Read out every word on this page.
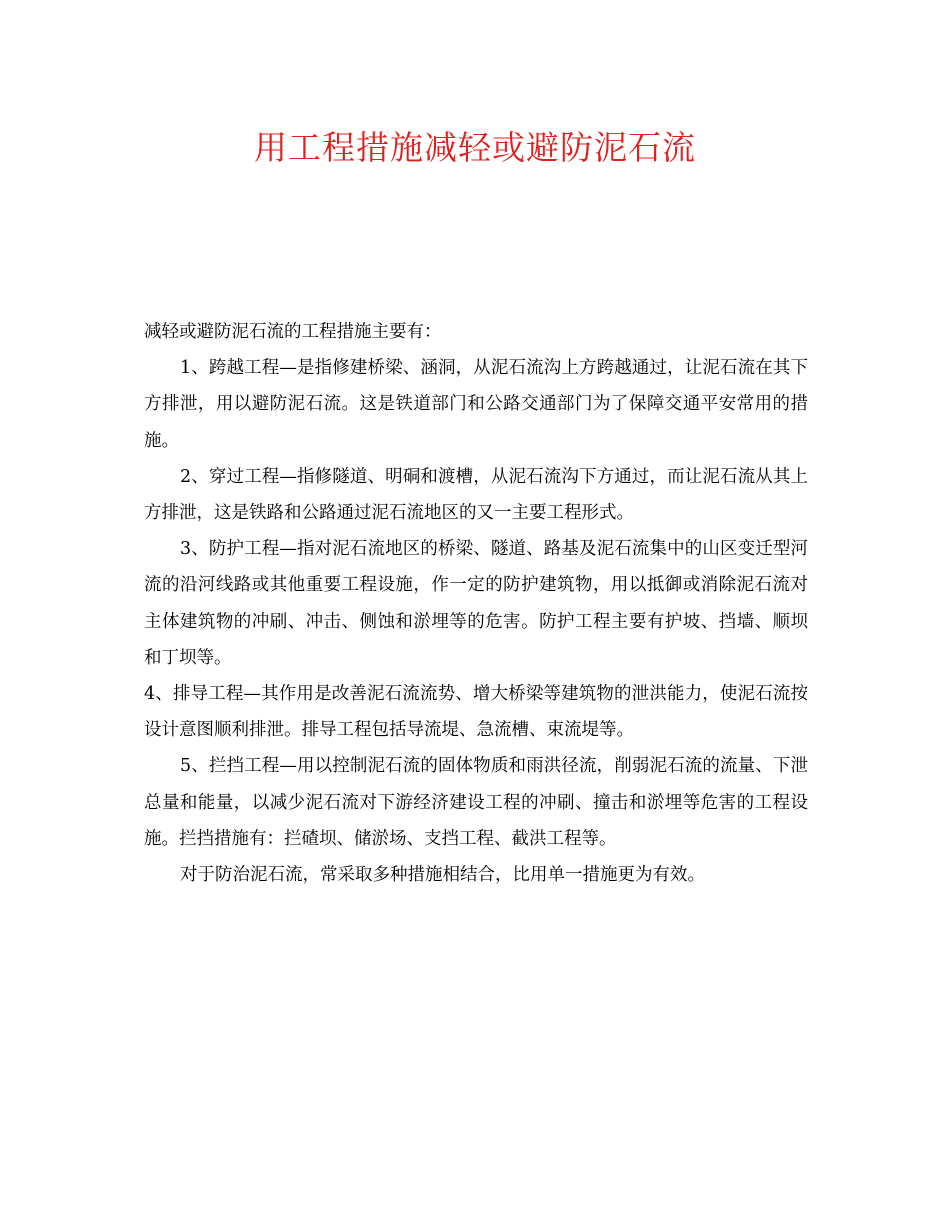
用工程措施减轻或避防泥石流

减轻或避防泥石流的工程措施主要有：

1、跨越工程—是指修建桥梁、涵洞，从泥石流沟上方跨越通过，让泥石流在其下方排泄，用以避防泥石流。这是铁道部门和公路交通部门为了保障交通平安常用的措施。

2、穿过工程—指修隧道、明硐和渡槽，从泥石流沟下方通过，而让泥石流从其上方排泄，这是铁路和公路通过泥石流地区的又一主要工程形式。

3、防护工程—指对泥石流地区的桥梁、隧道、路基及泥石流集中的山区变迁型河流的沿河线路或其他重要工程设施，作一定的防护建筑物，用以抵御或消除泥石流对主体建筑物的冲刷、冲击、侧蚀和淤埋等的危害。防护工程主要有护坡、挡墙、顺坝和丁坝等。

4、排导工程—其作用是改善泥石流流势、增大桥梁等建筑物的泄洪能力，使泥石流按设计意图顺利排泄。排导工程包括导流堤、急流槽、束流堤等。

5、拦挡工程—用以控制泥石流的固体物质和雨洪径流，削弱泥石流的流量、下泄总量和能量，以减少泥石流对下游经济建设工程的冲刷、撞击和淤埋等危害的工程设施。拦挡措施有：拦碴坝、储淤场、支挡工程、截洪工程等。

对于防治泥石流，常采取多种措施相结合，比用单一措施更为有效。
